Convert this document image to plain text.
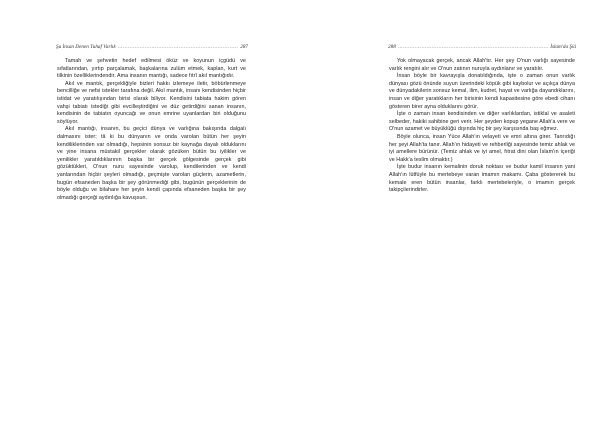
Şu İnsan Denen Tuhaf Varlık .....	287

Tamah ve şehvetin hedef edilmesi öküz ve koyunun içgüdü ve sıfatlarından, yırtıp parçalamak, başkalarına zulüm etmek, kaplan, kurt ve tilkinin özelliklerindendir. Ama insanın mantığı, sadece fıtrî akıl mantığıdır.

Akıl ve mantık, gerçekliğiyle bizleri hakkı izlemeye iletir, böbürlenmeye bencilliğe ve nefsi istekler tarafına değil. Akıl mantık, insanı kendisinden hiçbir istidat ve yaratılışından birisi olarak biliyor. Kendisini tabiata hakim gören vahşi tabiatı istediği gibi evcilleştirdiğini ve düz getirdiğini sanan insanın, kendisinin de tabiatın oyuncağı ve onun emrine uyanlardan biri olduğunu söylüyor.

Akıl mantığı, insanın, bu geçici dünya ve varlığına bakışında dalgalı dalmasını ister; tâ ki bu dünyanın ve onda varolan bütün her şeyin kendiliklerinden var olmadığı, hepsinin sonsuz bir kaynağa dayalı olduklarını ve yine insana müstakil gerçekler olarak gözüken bütün bu iyilikler ve yenilikler yaratıldıklarının başka bir gerçek gölgesinde gerçek gibi gözüktükleri, O'nun nuru sayesinde varolup, kendilerinden ve kendi yanlarından hiçbir şeyleri olmadığı, geçmişte varolan güçlerin, azametlerin, bugün efsaneden başka bir şey görünmediği gibi, bugünün gerçeklerinin de böyle olduğu ve bilahare her şeyin kendi çapında efsaneden başka bir şey olmadığı gerçeği aydınlığa kavuşsun.

288 .....	İslam'da Şiâ

Yok olmayacak gerçek, ancak Allah'tır. Her şey O'nun varlığı sayesinde varlık rengini alır ve O'nun zatının nuruyla aydınlanır ve yaratılır.

İnsan böyle bir kavrayışla donatıldığında, işte o zaman onun varlık dünyası gözü önünde suyun üzerindeki köpük gibi kaybolur ve açıkça dünya ve dünyadakilerin sonsuz kemal, ilim, kudret, hayat ve varlığa dayandıklarını, insan ve diğer yaratıkların her birisinin kendi kapasitesine göre ebedi cihanı gösteren birer ayna olduklarını görür.

İşte o zaman insan kendisinden ve diğer varlıklardan, istiklal ve asaleti selbeder, hakiki sahibine geri verir. Her şeyden kopup yegane Allah'a vere ve O'nun azamet ve büyüklüğü dışında hiç bir şey karşısında baş eğmez.

Böyle olunca, insan Yüce Allah'ın velayeti ve emri altına girer. Tanrıdığı her şeyi Allah'ta tanır. Allah'ın hidayeti ve rehberliği sayesinde temiz ahlak ve iyi amellere bürünür. (Temiz ahlak ve iyi amel, fıtrat dini olan İslam'ın içeriği ve Hakk'a teslim olmaktır.)

İşte budur insanın kemalinin doruk noktası ve budur kamil insanın yani Allah'ın lütfüyle bu mertebeye varan imamın makamı. Çaba göstererek bu kemale eren bütün insanlar, farklı mertebeleriyle, o imamın gerçek takipçilerindirler.
